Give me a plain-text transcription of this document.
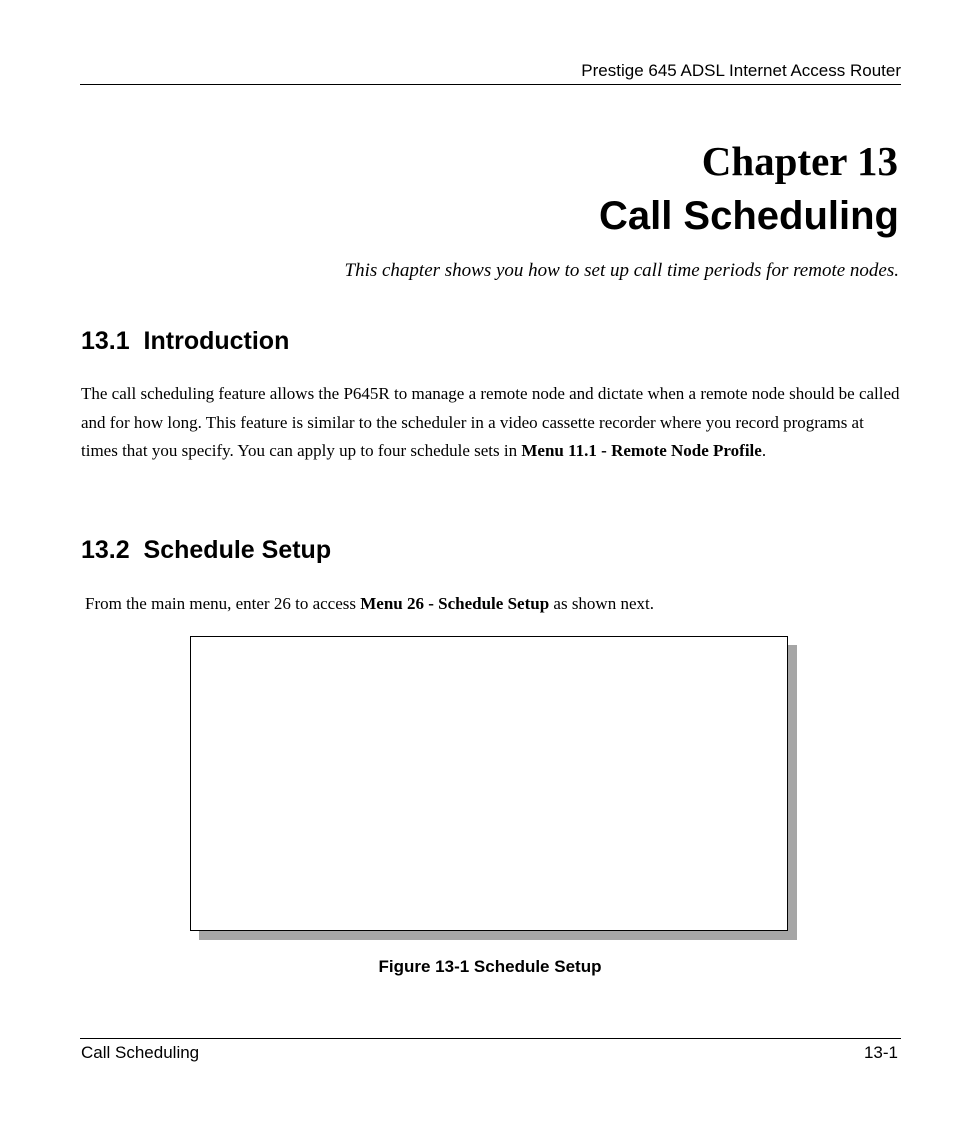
Prestige 645 ADSL Internet Access Router
Chapter 13
Call Scheduling
This chapter shows you how to set up call time periods for remote nodes.
13.1  Introduction
The call scheduling feature allows the P645R to manage a remote node and dictate when a remote node should be called and for how long. This feature is similar to the scheduler in a video cassette recorder where you record programs at times that you specify. You can apply up to four schedule sets in Menu 11.1 - Remote Node Profile.
13.2  Schedule Setup
From the main menu, enter 26 to access Menu 26 - Schedule Setup as shown next.
Figure 13-1 Schedule Setup
Call Scheduling	13-1
